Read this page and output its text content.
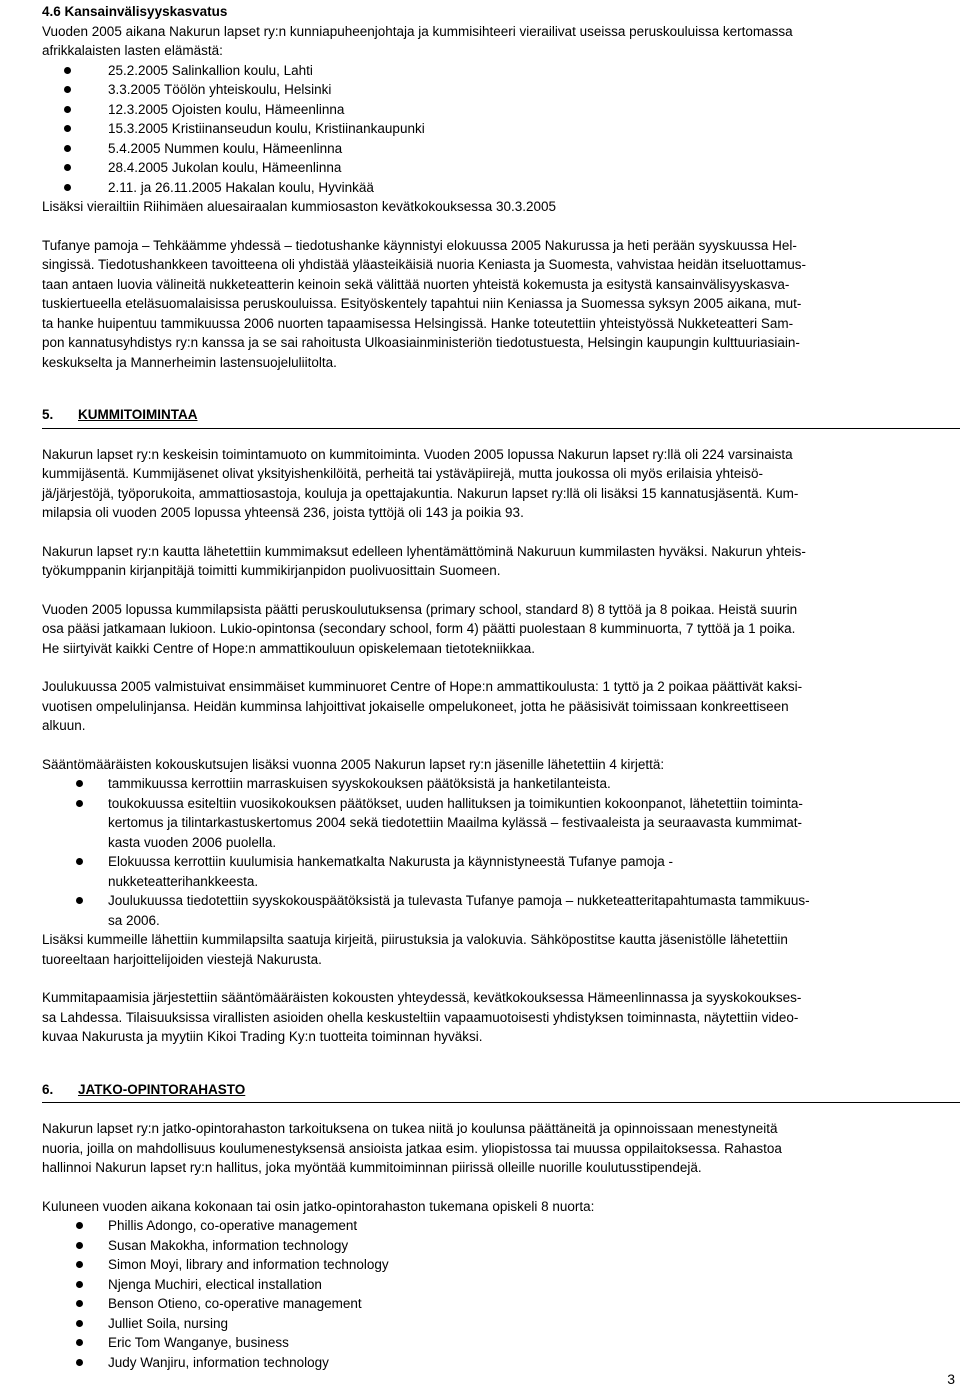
4.6 Kansainvälisyyskasvatus
Vuoden 2005 aikana Nakurun lapset ry:n kunniapuheenjohtaja ja kummisihteeri vierailivat useissa peruskouluissa kertomassa
afrikkalaisten lasten elämästä:
25.2.2005 Salinkallion koulu, Lahti
3.3.2005 Töölön yhteiskoulu, Helsinki
12.3.2005 Ojoisten koulu, Hämeenlinna
15.3.2005 Kristiinanseudun koulu, Kristiinankaupunki
5.4.2005 Nummen koulu, Hämeenlinna
28.4.2005 Jukolan koulu, Hämeenlinna
2.11. ja 26.11.2005 Hakalan koulu, Hyvinkää

Lisäksi vierailtiin Riihimäen aluesairaalan kummiosaston kevätkokouksessa 30.3.2005

Tufanye pamoja – Tehkäämme yhdessä – tiedotushanke käynnistyi elokuussa 2005 Nakurussa ja heti perään syyskuussa Hel-
singissä. Tiedotushankkeen tavoitteena oli yhdistää yläasteikäisiä nuoria Keniasta ja Suomesta, vahvistaa heidän itseluottamus-
taan antaen luovia välineitä nukketeatterin keinoin sekä välittää nuorten yhteistä kokemusta ja esitystä kansainvälisyyskasva-
tuskiertueella eteläsuomalaisissa peruskouluissa. Esityöskentely tapahtui niin Keniassa ja Suomessa syksyn 2005 aikana, mut-
ta hanke huipentuu tammikuussa 2006 nuorten tapaamisessa Helsingissä. Hanke toteutettiin yhteistyössä Nukketeatteri Sam-
pon kannatusyhdistys ry:n kanssa ja se sai rahoitusta Ulkoasiainministeriön tiedotustuesta, Helsingin kaupungin kulttuuriasiain-
keskukselta ja Mannerheimin lastensuojeluliitolta.
5.	KUMMITOIMINTAA
Nakurun lapset ry:n keskeisin toimintamuoto on kummitoiminta. Vuoden 2005 lopussa Nakurun lapset ry:llä oli 224 varsinaista
kummijäsentä. Kummijäsenet olivat yksityishenkilöitä, perheitä tai ystäväpiirejä, mutta joukossa oli myös erilaisia yhteisö-
jä/järjestöjä, työporukoita, ammattiosastoja, kouluja ja opettajakuntia. Nakurun lapset ry:llä oli lisäksi 15 kannatusjäsentä. Kum-
milapsia oli vuoden 2005 lopussa yhteensä 236, joista tyttöjä oli 143 ja poikia 93.
Nakurun lapset ry:n kautta lähetettiin kummimaksut edelleen lyhentämättöminä Nakuruun kummilasten hyväksi. Nakurun yhteis-
työkumppanin kirjanpitäjä toimitti kummikirjanpidon puolivuosittain Suomeen.
Vuoden 2005 lopussa kummilapsista päätti peruskoulutuksensa (primary school, standard 8) 8 tyttöä ja 8 poikaa. Heistä suurin
osa pääsi jatkamaan lukioon. Lukio-opintonsa (secondary school, form 4) päätti puolestaan 8 kumminuorta, 7 tyttöä ja 1 poika.
He siirtyivät kaikki Centre of Hope:n ammattikouluun opiskelemaan tietotekniikkaa.
Joulukuussa 2005 valmistuivat ensimmäiset kumminuoret Centre of Hope:n ammattikoulusta: 1 tyttö ja 2 poikaa päättivät kaksi-
vuotisen ompelulinjansa. Heidän kumminsa lahjoittivat jokaiselle ompelukoneet, jotta he pääsisivät toimissaan konkreettiseen
alkuun.

Sääntömääräisten kokouskutsujen lisäksi vuonna 2005 Nakurun lapset ry:n jäsenille lähetettiin 4 kirjettä:

tammikuussa kerrottiin marraskuisen syyskokouksen päätöksistä ja hanketilanteista.
toukokuussa esiteltiin vuosikokouksen päätökset, uuden hallituksen ja toimikuntien kokoonpanot, lähetettiin toiminta-
kertomus ja tilintarkastuskertomus 2004 sekä tiedotettiin Maailma kylässä – festivaaleista ja seuraavasta kummimat-
kasta vuoden 2006 puolella.
Elokuussa kerrottiin kuulumisia hankematkalta Nakurusta ja käynnistyneestä Tufanye pamoja -
nukketeatterihankkeesta.
Joulukuussa tiedotettiin syyskokouspäätöksistä ja tulevasta Tufanye pamoja – nukketeatteritapahtumasta tammikuus-
sa 2006.
Lisäksi kummeille lähettiin kummilapsilta saatuja kirjeitä, piirustuksia ja valokuvia. Sähköpostitse kautta jäsenistölle lähetettiin
tuoreeltaan harjoittelijoiden viestejä Nakurusta.
Kummitapaamisia järjestettiin sääntömääräisten kokousten yhteydessä, kevätkokouksessa Hämeenlinnassa ja syyskokoukses-
sa Lahdessa. Tilaisuuksissa virallisten asioiden ohella keskusteltiin vapaamuotoisesti yhdistyksen toiminnasta, näytettiin video-
kuvaa Nakurusta ja myytiin Kikoi Trading Ky:n tuotteita toiminnan hyväksi.
6.	JATKO-OPINTORAHASTO
Nakurun lapset ry:n jatko-opintorahaston tarkoituksena on tukea niitä jo koulunsa päättäneitä ja opinnoissaan menestyneitä
nuoria, joilla on mahdollisuus koulumenestyksensä ansioista jatkaa esim. yliopistossa tai muussa oppilaitoksessa. Rahastoa
hallinnoi Nakurun lapset ry:n hallitus, joka myöntää kummitoiminnan piirissä olleille nuorille koulutusstipendejä.

Kuluneen vuoden aikana kokonaan tai osin jatko-opintorahaston tukemana opiskeli 8 nuorta:

Phillis Adongo, co-operative management
Susan Makokha, information technology
Simon Moyi, library and information technology
Njenga Muchiri, electical installation
Benson Otieno, co-operative management
Julliet Soila, nursing
Eric Tom Wanganye, business
Judy Wanjiru, information technology
3
